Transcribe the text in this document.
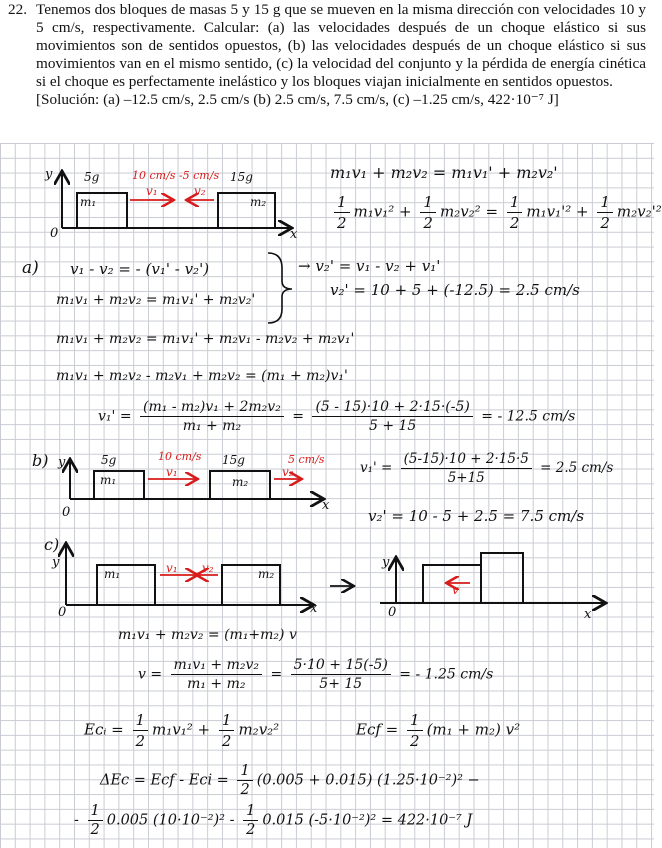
22. Tenemos dos bloques de masas 5 y 15 g que se mueven en la misma dirección con velocidades 10 y 5 cm/s, respectivamente. Calcular: (a) las velocidades después de un choque elástico si sus movimientos son de sentidos opuestos, (b) las velocidades después de un choque elástico si sus movimientos van en el mismo sentido, (c) la velocidad del conjunto y la pérdida de energía cinética si el choque es perfectamente inelástico y los bloques viajan inicialmente en sentidos opuestos.
[Solución: (a) –12.5 cm/s, 2.5 cm/s (b) 2.5 cm/s, 7.5 cm/s, (c) –1.25 cm/s, 422·10⁻⁷ J]
y
x
0
5g
m₁
15g
m₂
10 cm/s -5 cm/s
v₁	v₂
m₁v₁ + m₂v₂ = m₁v₁' + m₂v₂'
$\frac{1}{2} m_1v_1^2 + \frac{1}{2} m_2v_2^2 = \frac{1}{2} m_1v_1'^2 + \frac{1}{2} m_2v_2'^2$
a) v₁ - v₂ = - (v₁' - v₂')
m₁v₁ + m₂v₂ = m₁v₁' + m₂v₂'
→ v₂' = v₁ - v₂ + v₁'
v₂' = 10 + 5 + (-12.5) = 2.5 cm/s
m₁v₁ + m₂v₂ = m₁v₁' + m₂v₁ - m₂v₂ + m₂v₁'
m₁v₁ + m₂v₂ - m₂v₁ + m₂v₂ = (m₁ + m₂)v₁'
$v_1' = \frac{\text{(m₁ - m₂)v₁ + 2m₂v₂}}{\text{m₁ + m₂}} = \frac{(5 - 15)\cdot 10 + 2\cdot 15\cdot(-5)}{5 + 15}$ = - 12.5 cm/s
b) y
x
0
5g
m₁
15g
m₂
10 cm/s	5 cm/s
v₁	v₂	$v_1' = \frac{(5-15)\cdot 10 + 2\cdot 15\cdot 5}{5+15} = 2.5$ cm/s
v₂' = 10 - 5 + 2.5 = 7.5 cm/s
c)
y
x
0
m₁	m₂
v₁ v₂	y
x
0
v
m₁v₁ + m₂v₂ = (m₁+m₂) v
$v = \frac{\text{m₁v₁ + m₂v₂}}{\text{m₁ + m₂}} = \frac{5\cdot 10 + 15(-5)}{5+ 15}$ = - 1.25 cm/s
Eᴄᵢ = $\frac{1}{2} m_1v_1^2 + \frac{1}{2} m_2v_2^2$	Eᴄf = $\frac{1}{2} (m_1 + m_2)$ v²
ΔEc = Ecf - Eci = $\frac{1}{2} (0.005 + 0.015) (1.25\cdot 10^{-2})^2$ −
- $\frac{1}{2} 0.005$ $(10\cdot 10^{-2})^2 - \frac{1}{2} 0.015$ (-5·10⁻²)² = 422·10⁻⁷ J
